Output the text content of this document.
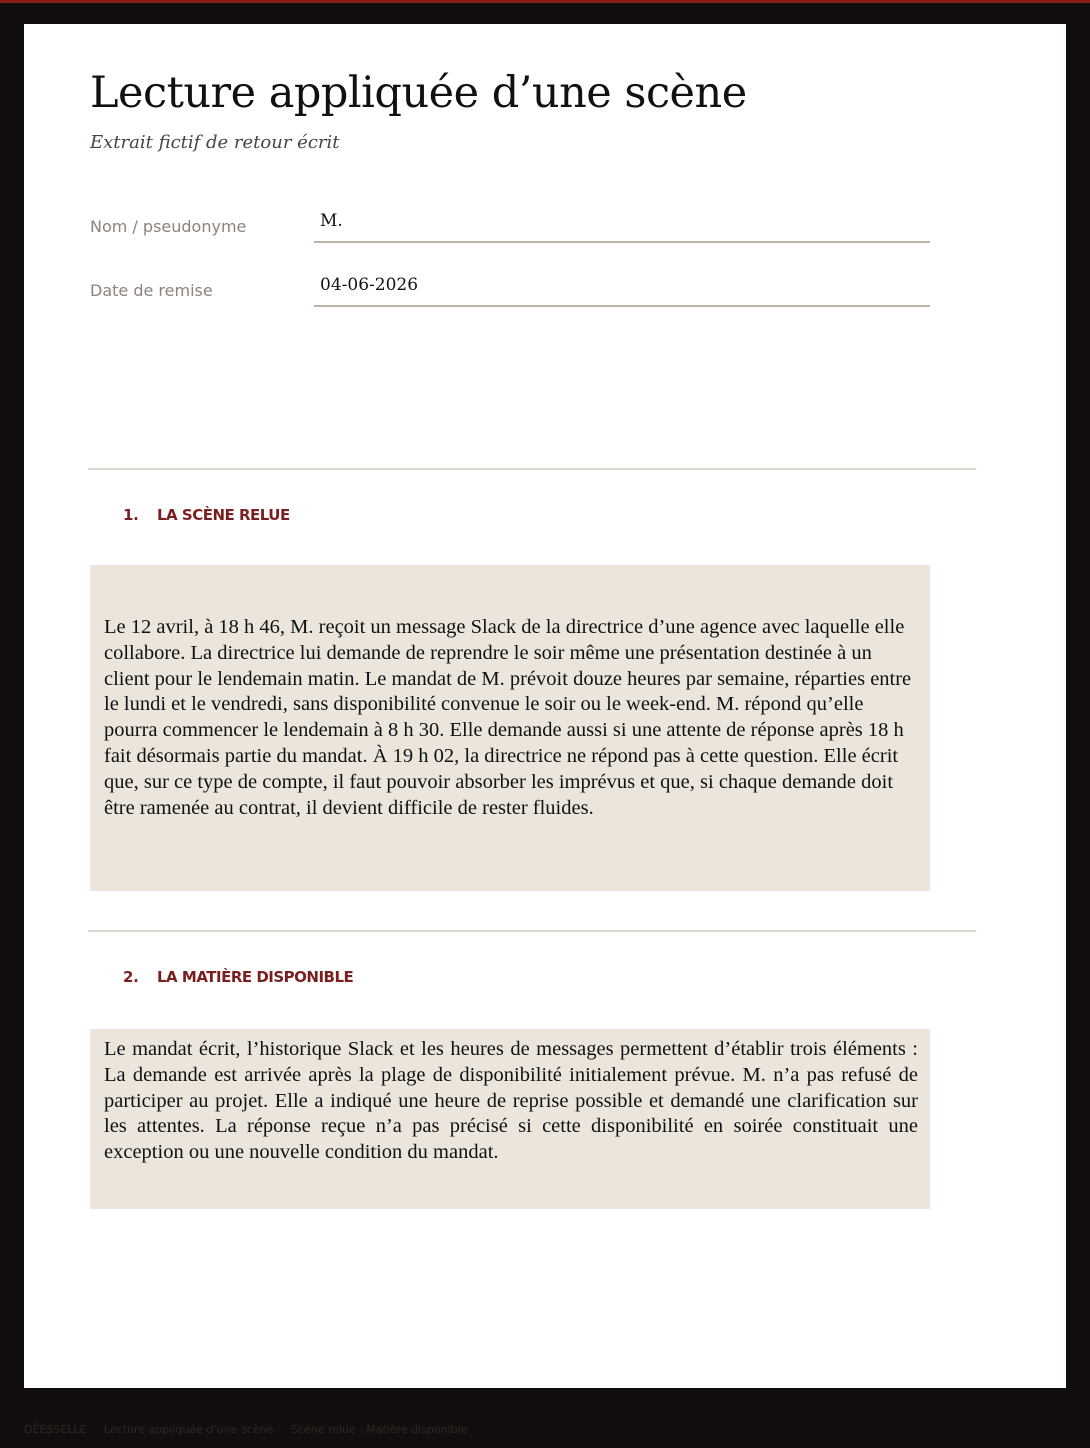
Lecture appliquée d’une scène
Extrait fictif de retour écrit
Nom / pseudonyme	M.
Date de remise	04-06-2026
1. LA SCÈNE RELUE

Le 12 avril, à 18 h 46, M. reçoit un message Slack de la directrice d’une agence avec laquelle elle collabore. La directrice lui demande de reprendre le soir même une présentation destinée à un client pour le lendemain matin. Le mandat de M. prévoit douze heures par semaine, réparties entre le lundi et le vendredi, sans disponibilité convenue le soir ou le week-end. M. répond qu’elle pourra commencer le lendemain à 8 h 30. Elle demande aussi si une attente de réponse après 18 h fait désormais partie du mandat. À 19 h 02, la directrice ne répond pas à cette question. Elle écrit que, sur ce type de compte, il faut pouvoir absorber les imprévus et que, si chaque demande doit être ramenée au contrat, il devient difficile de rester fluides.

2. LA MATIÈRE DISPONIBLE

Le mandat écrit, l’historique Slack et les heures de messages permettent d’établir trois éléments : La demande est arrivée après la plage de disponibilité initialement prévue. M. n’a pas refusé de participer au projet. Elle a indiqué une heure de reprise possible et demandé une clarification sur les attentes. La réponse reçue n’a pas précisé si cette disponibilité en soirée constituait une exception ou une nouvelle condition du mandat.

DÉESSELLE Lecture appliquée d’une scène Scène relue · Matière disponible
